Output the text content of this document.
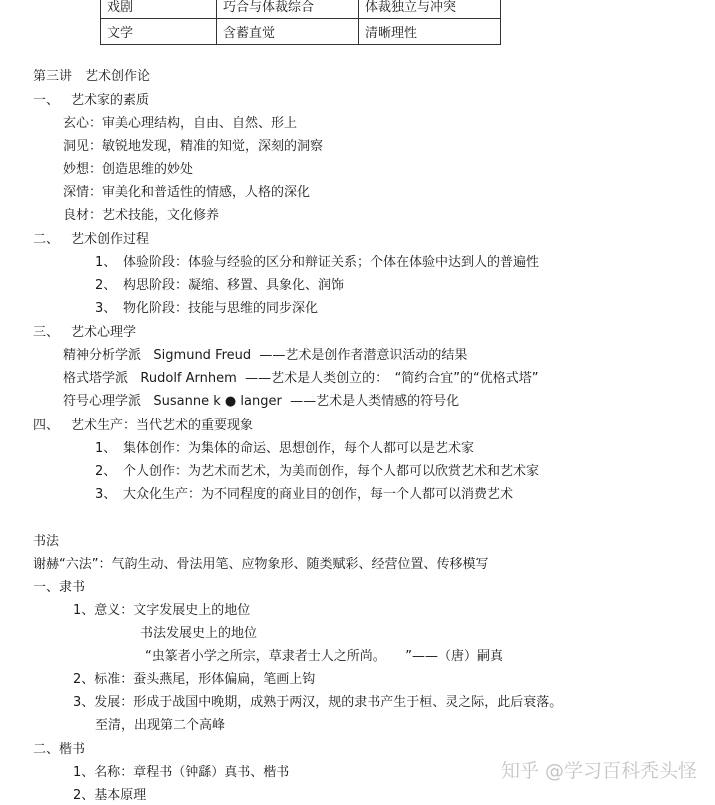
戏剧	巧合与体裁综合	体裁独立与冲突
文学	含蓄直觉	清晰理性
第三讲　艺术创作论
一、 艺术家的素质
玄心：审美心理结构，自由、自然、形上
洞见：敏锐地发现，精准的知觉，深刻的洞察
妙想：创造思维的妙处
深情：审美化和普适性的情感，人格的深化
良材：艺术技能，文化修养
二、 艺术创作过程
1、 体验阶段：体验与经验的区分和辩证关系；个体在体验中达到人的普遍性
2、 构思阶段：凝缩、移置、具象化、润饰
3、 物化阶段：技能与思维的同步深化
三、 艺术心理学
精神分析学派 Sigmund Freud ——艺术是创作者潜意识活动的结果
格式塔学派 Rudolf Arnhem ——艺术是人类创立的：　“简约合宜”的“优格式塔”
符号心理学派 Susanne k ● langer ——艺术是人类情感的符号化
四、 艺术生产：当代艺术的重要现象
1、 集体创作：为集体的命运、思想创作，每个人都可以是艺术家
2、 个人创作：为艺术而艺术，为美而创作，每个人都可以欣赏艺术和艺术家
3、 大众化生产：为不同程度的商业目的创作，每一个人都可以消费艺术
书法
谢赫“六法”：气韵生动、骨法用笔、应物象形、随类赋彩、经营位置、传移模写
一、隶书
1、意义：文字发展史上的地位
书法发展史上的地位
“虫篆者小学之所宗，草隶者士人之所尚。　　”——（唐）嗣真
2、标准：蚕头燕尾，形体偏扁，笔画上钩
3、发展：形成于战国中晚期，成熟于两汉，规的隶书产生于桓、灵之际，此后衰落。
至清，出现第二个高峰
二、楷书
1、名称：章程书（钟繇）真书、楷书
2、基本原理
知乎 @学习百科秃头怪
